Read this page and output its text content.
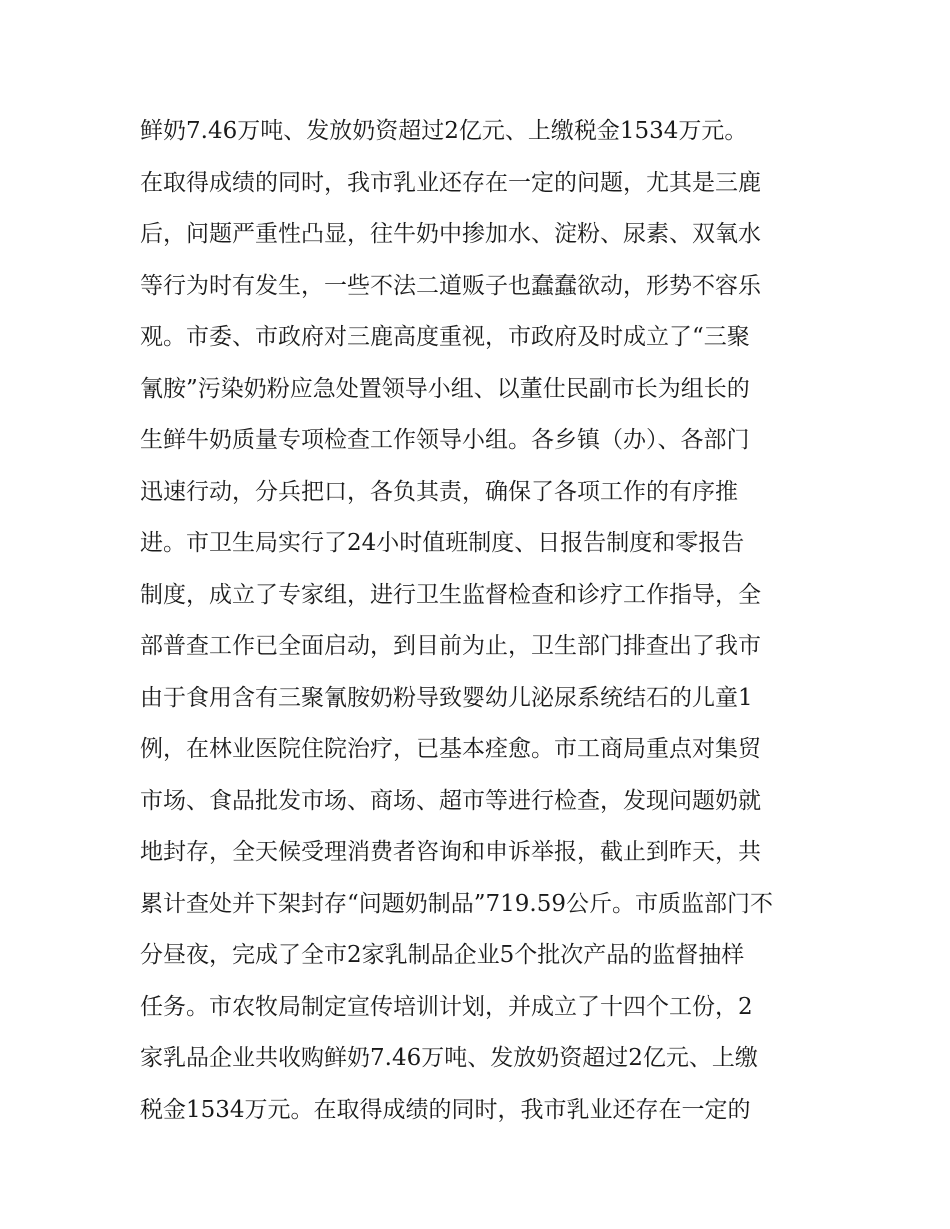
鲜奶7.46万吨、发放奶资超过2亿元、上缴税金1534万元。
在取得成绩的同时，我市乳业还存在一定的问题，尤其是三鹿
后，问题严重性凸显，往牛奶中掺加水、淀粉、尿素、双氧水
等行为时有发生，一些不法二道贩子也蠢蠢欲动，形势不容乐
观。市委、市政府对三鹿高度重视，市政府及时成立了“三聚
氰胺”污染奶粉应急处置领导小组、以董仕民副市长为组长的
生鲜牛奶质量专项检查工作领导小组。各乡镇（办）、各部门
迅速行动，分兵把口，各负其责，确保了各项工作的有序推
进。市卫生局实行了24小时值班制度、日报告制度和零报告
制度，成立了专家组，进行卫生监督检查和诊疗工作指导，全
部普查工作已全面启动，到目前为止，卫生部门排查出了我市
由于食用含有三聚氰胺奶粉导致婴幼儿泌尿系统结石的儿童1
例，在林业医院住院治疗，已基本痊愈。市工商局重点对集贸
市场、食品批发市场、商场、超市等进行检查，发现问题奶就
地封存，全天候受理消费者咨询和申诉举报，截止到昨天，共
累计查处并下架封存“问题奶制品”719.59公斤。市质监部门不
分昼夜，完成了全市2家乳制品企业5个批次产品的监督抽样
任务。市农牧局制定宣传培训计划，并成立了十四个工份，2
家乳品企业共收购鲜奶7.46万吨、发放奶资超过2亿元、上缴
税金1534万元。在取得成绩的同时，我市乳业还存在一定的
